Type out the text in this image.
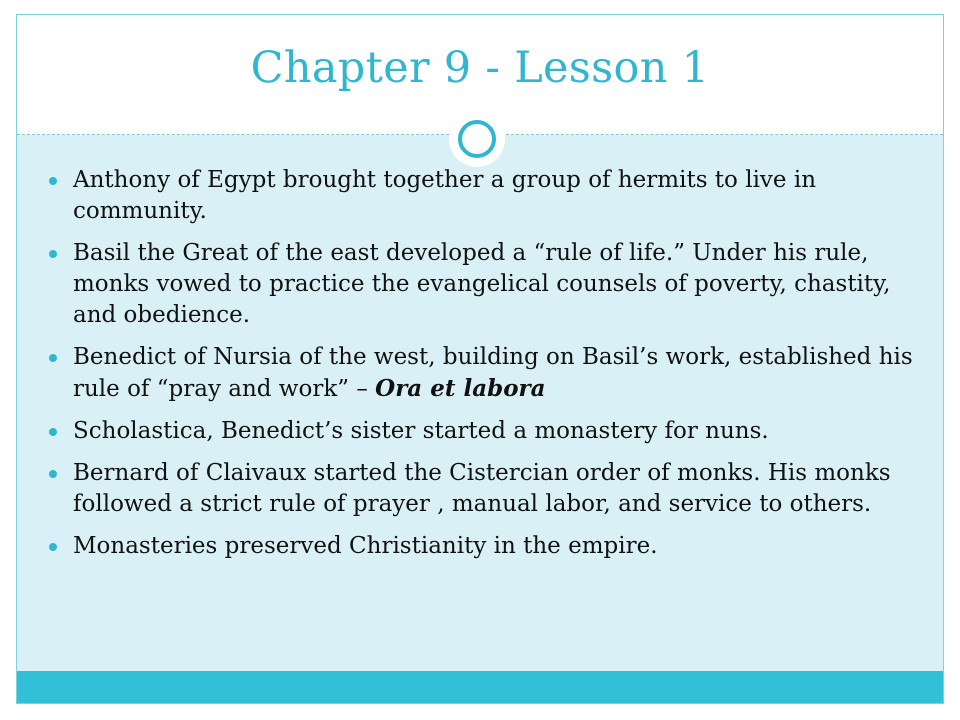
Chapter 9 - Lesson 1
Anthony of Egypt brought together a group of hermits to live in community.
Basil the Great of the east developed a “rule of life.” Under his rule, monks vowed to practice the evangelical counsels of poverty, chastity, and obedience.
Benedict of Nursia of the west, building on Basil’s work, established his rule of “pray and work” – Ora et labora
Scholastica, Benedict’s sister started a monastery for nuns.
Bernard of Claivaux started the Cistercian order of monks. His monks followed a strict rule of prayer , manual labor, and service to others.
Monasteries preserved Christianity in the empire.
